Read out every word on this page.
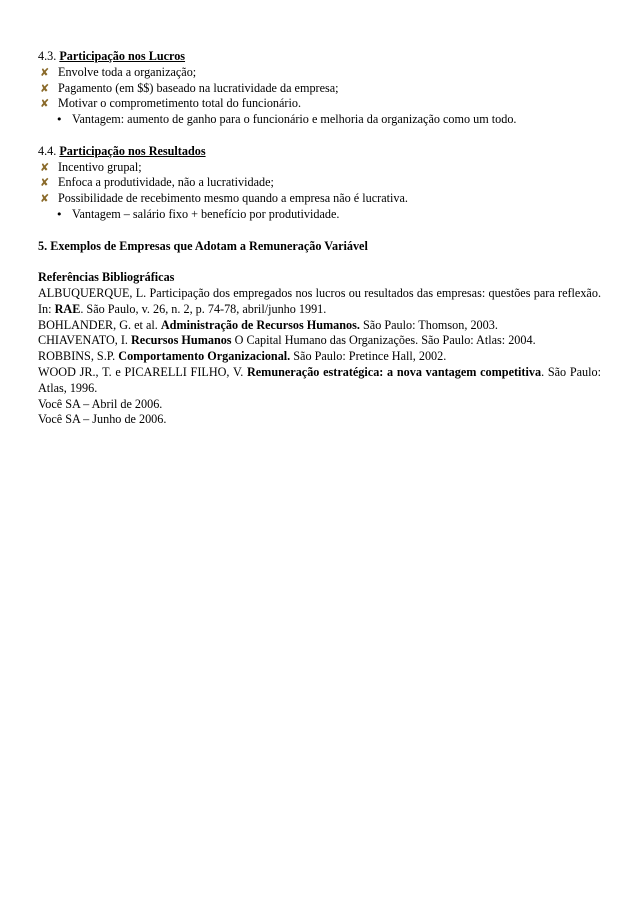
4.3. Participação nos Lucros

✘ Envolve toda a organização;
✘ Pagamento (em $$) baseado na lucratividade da empresa;
✘ Motivar o comprometimento total do funcionário.
• Vantagem: aumento de ganho para o funcionário e melhoria da organização como um todo.

4.4. Participação nos Resultados

✘ Incentivo grupal;
✘ Enfoca a produtividade, não a lucratividade;
✘ Possibilidade de recebimento mesmo quando a empresa não é lucrativa.
• Vantagem – salário fixo + benefício por produtividade.

5. Exemplos de Empresas que Adotam a Remuneração Variável

Referências Bibliográficas

ALBUQUERQUE, L. Participação dos empregados nos lucros ou resultados das empresas: questões para reflexão. In: RAE. São Paulo, v. 26, n. 2, p. 74-78, abril/junho 1991.

BOHLANDER, G. et al. Administração de Recursos Humanos. São Paulo: Thomson, 2003.

CHIAVENATO, I. Recursos Humanos O Capital Humano das Organizações. São Paulo: Atlas: 2004.

ROBBINS, S.P. Comportamento Organizacional. São Paulo: Pretince Hall, 2002.

WOOD JR., T. e PICARELLI FILHO, V. Remuneração estratégica: a nova vantagem competitiva. São Paulo: Atlas, 1996.

Você SA – Abril de 2006.

Você SA – Junho de 2006.
